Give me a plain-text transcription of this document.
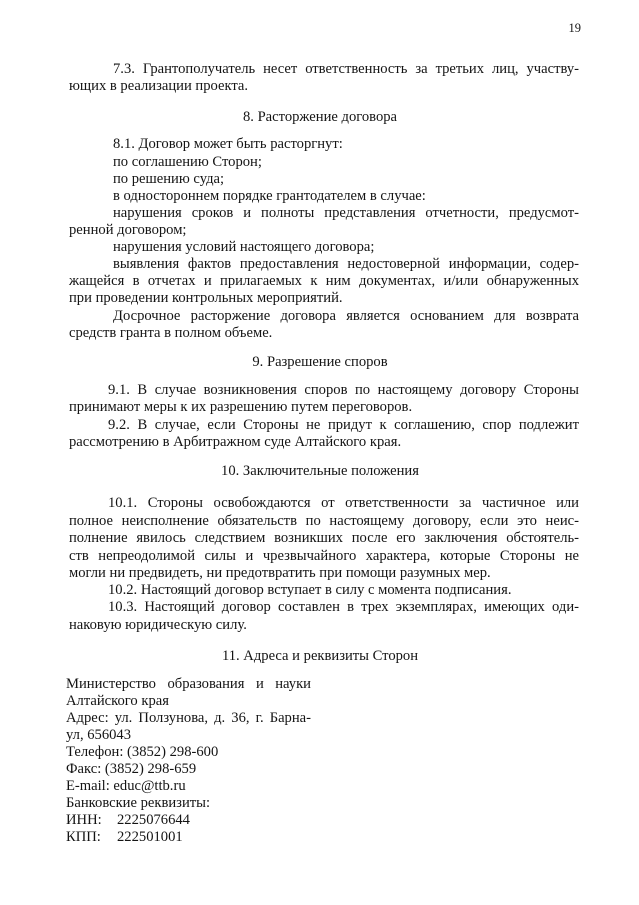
19
7.3. Грантополучатель несет ответственность за третьих лиц, участву-
ющих в реализации проекта.
8. Расторжение договора
8.1. Договор может быть расторгнут:
по соглашению Сторон;
по решению суда;
в одностороннем порядке грантодателем в случае:
нарушения сроков и полноты представления отчетности, предусмот-
ренной договором;
нарушения условий настоящего договора;
выявления фактов предоставления недостоверной информации, содер-
жащейся в отчетах и прилагаемых к ним документах, и/или обнаруженных
при проведении контрольных мероприятий.
Досрочное расторжение договора является основанием для возврата
средств гранта в полном объеме.
9. Разрешение споров
9.1. В случае возникновения споров по настоящему договору Стороны
принимают меры к их разрешению путем переговоров.
9.2. В случае, если Стороны не придут к соглашению, спор подлежит
рассмотрению в Арбитражном суде Алтайского края.
10. Заключительные положения
10.1. Стороны освобождаются от ответственности за частичное или
полное неисполнение обязательств по настоящему договору, если это неис-
полнение явилось следствием возникших после его заключения обстоятель-
ств непреодолимой силы и чрезвычайного характера, которые Стороны не
могли ни предвидеть, ни предотвратить при помощи разумных мер.
10.2. Настоящий договор вступает в силу с момента подписания.
10.3. Настоящий договор составлен в трех экземплярах, имеющих оди-
наковую юридическую силу.
11. Адреса и реквизиты Сторон
Министерство образования и науки
Алтайского края
Адрес: ул. Ползунова, д. 36, г. Барна-
ул, 656043
Телефон: (3852) 298-600
Факс: (3852) 298-659
E-mail: educ@ttb.ru
Банковские реквизиты:
ИНН:	2225076644
КПП:	222501001
